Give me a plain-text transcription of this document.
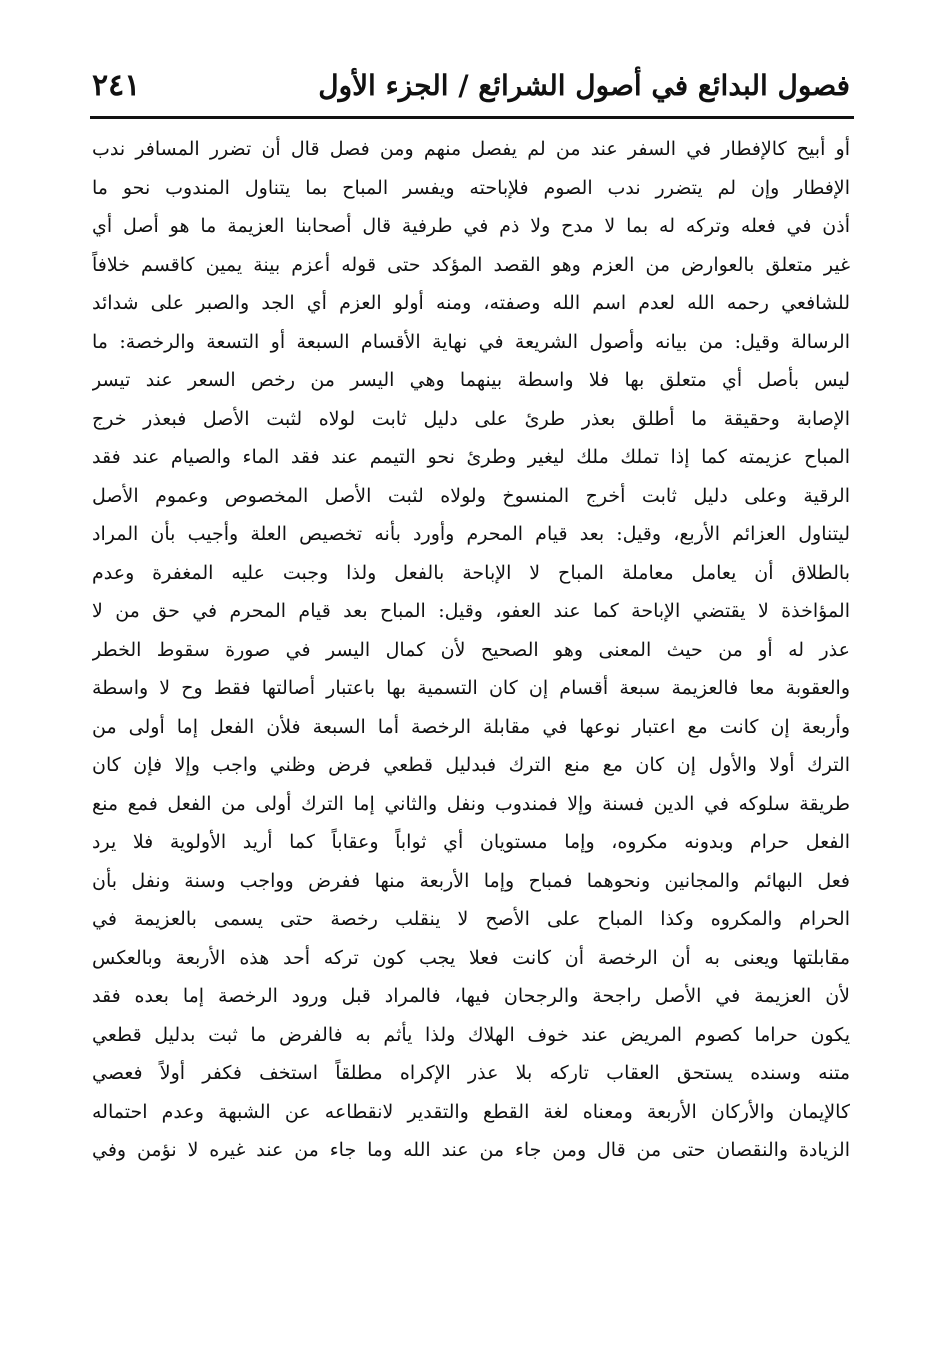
فصول البدائع في أصول الشرائع / الجزء الأول
٢٤١
أو أبيح كالإفطار في السفر عند من لم يفصل منهم ومن فصل قال أن تضرر المسافر ندب
الإفطار وإن لم يتضرر ندب الصوم فلإباحته ويفسر المباح بما يتناول المندوب نحو ما
أذن في فعله وتركه له بما لا مدح ولا ذم في طرفية قال أصحابنا العزيمة ما هو أصل أي
غير متعلق بالعوارض من العزم وهو القصد المؤكد حتى قوله أعزم بينة يمين كاقسم خلافاً
للشافعي رحمه الله لعدم اسم الله وصفته، ومنه أولو العزم أي الجد والصبر على شدائد
الرسالة وقيل: من بيانه وأصول الشريعة في نهاية الأقسام السبعة أو التسعة والرخصة: ما
ليس بأصل أي متعلق بها فلا واسطة بينهما وهي اليسر من رخص السعر عند تيسر
الإصابة وحقيقة ما أطلق بعذر طرئ على دليل ثابت لولاه لثبت الأصل فبعذر خرج
المباح عزيمته كما إذا تملك ملك ليغير وطرئ نحو التيمم عند فقد الماء والصيام عند فقد
الرقية وعلى دليل ثابت أخرج المنسوخ ولولاه لثبت الأصل المخصوص وعموم الأصل
ليتناول العزائم الأربع، وقيل: بعد قيام المحرم وأورد بأنه تخصيص العلة وأجيب بأن المراد
بالطلاق أن يعامل معاملة المباح لا الإباحة بالفعل ولذا وجبت عليه المغفرة وعدم
المؤاخذة لا يقتضي الإباحة كما عند العفو، وقيل: المباح بعد قيام المحرم في حق من لا
عذر له أو من حيث المعنى وهو الصحيح لأن كمال اليسر في صورة سقوط الخطر
والعقوبة معا فالعزيمة سبعة أقسام إن كان التسمية بها باعتبار أصالتها فقط وح لا واسطة
وأربعة إن كانت مع اعتبار نوعها في مقابلة الرخصة أما السبعة فلأن الفعل إما أولى من
الترك أولا والأول إن كان مع منع الترك فبدليل قطعي فرض وظني واجب وإلا فإن كان
طريقة سلوكه في الدين فسنة وإلا فمندوب ونفل والثاني إما الترك أولى من الفعل فمع منع
الفعل حرام وبدونه مكروه، وإما مستويان أي ثواباً وعقاباً كما أريد الأولوية فلا يرد
فعل البهائم والمجانين ونحوهما فمباح وإما الأربعة منها ففرض وواجب وسنة ونفل بأن
الحرام والمكروه وكذا المباح على الأصح لا ينقلب رخصة حتى يسمى بالعزيمة في
مقابلتها ويعنى به أن الرخصة أن كانت فعلا يجب كون تركه أحد هذه الأربعة وبالعكس
لأن العزيمة في الأصل راجحة والرجحان فيها، فالمراد قبل ورود الرخصة إما بعده فقد
يكون حراما كصوم المريض عند خوف الهلاك ولذا يأثم به فالفرض ما ثبت بدليل قطعي
متنه وسنده يستحق العقاب تاركه بلا عذر الإكراه مطلقاً استخف فكفر أولاً فعصي
كالإيمان والأركان الأربعة ومعناه لغة القطع والتقدير لانقطاعه عن الشبهة وعدم احتماله
الزيادة والنقصان حتى من قال ومن جاء من عند الله وما جاء من عند غيره لا نؤمن وفي
